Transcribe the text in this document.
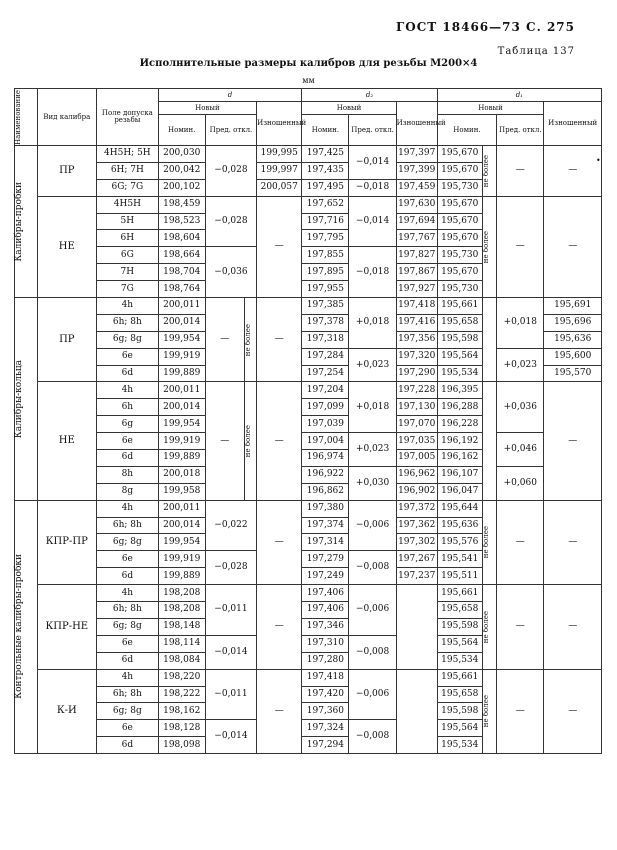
ГОСТ 18466—73 С. 275
Таблица 137
Исполнительные размеры калибров для резьбы M200×4
мм
•
Наименование	Вид калибра	Поле допуска резьбы	d				d₂			d₁			
			Новый			Изношенный	Новый		Изношенный	Новый			Изношенный
			Номин.	Пред. откл.			Номин.	Пред. откл.		Номин.		Пред. откл.	

Калибры-пробки	ПР	4H5H; 5H	200,030	−0,028		199,995	197,425	−0,014	197,397	195,670	не более	—	—
		6H; 7H	200,042			199,997	197,435		197,399	195,670			
		6G; 7G	200,102			200,057	197,495	−0,018	197,459	195,730			
	НЕ	4H5H	198,459	−0,028		—	197,652	−0,014	197,630	195,670	не более	—	—
		5H	198,523				197,716		197,694	195,670			
		6H	198,604				197,795		197,767	195,670			
		6G	198,664	−0,036			197,855	−0,018	197,827	195,730			
		7H	198,704				197,895		197,867	195,670			
		7G	198,764				197,955		197,927	195,730			

Калибры-кольца	ПР	4h	200,011	—	не более	—	197,385	+0,018	197,418	195,661		+0,018	195,691
		6h; 8h	200,014				197,378		197,416	195,658			195,696
		6g; 8g	199,954				197,318		197,356	195,598			195,636
		6e	199,919				197,284	+0,023	197,320	195,564		+0,023	195,600
		6d	199,889				197,254		197,290	195,534			195,570
	НЕ	4h	200,011	—	не более	—	197,204	+0,018	197,228	196,395		+0,036	—
		6h	200,014				197,099		197,130	196,288			
		6g	199,954				197,039		197,070	196,228			
		6e	199,919				197,004	+0,023	197,035	196,192		+0,046	
		6d	199,889				196,974		197,005	196,162			
		8h	200,018				196,922	+0,030	196,962	196,107		+0,060	
		8g	199,958				196,862		196,902	196,047			

Контрольные калибры-пробки	КПР-ПР	4h	200,011	−0,022		—	197,380	−0,006	197,372	195,644	не более	—	—
		6h; 8h	200,014				197,374		197,362	195,636			
		6g; 8g	199,954				197,314		197,302	195,576			
		6e	199,919	−0,028			197,279	−0,008	197,267	195,541			
		6d	199,889				197,249		197,237	195,511			
	КПР-НЕ	4h	198,208	−0,011		—	197,406	−0,006		195,661	не более	—	—
		6h; 8h	198,208				197,406			195,658			
		6g; 8g	198,148				197,346			195,598			
		6e	198,114	−0,014			197,310	−0,008		195,564			
		6d	198,084				197,280			195,534			
	К-И	4h	198,220	−0,011		—	197,418	−0,006		195,661	не более	—	—
		6h; 8h	198,222				197,420			195,658			
		6g; 8g	198,162				197,360			195,598			
		6e	198,128	−0,014			197,324	−0,008		195,564			
		6d	198,098				197,294			195,534			
